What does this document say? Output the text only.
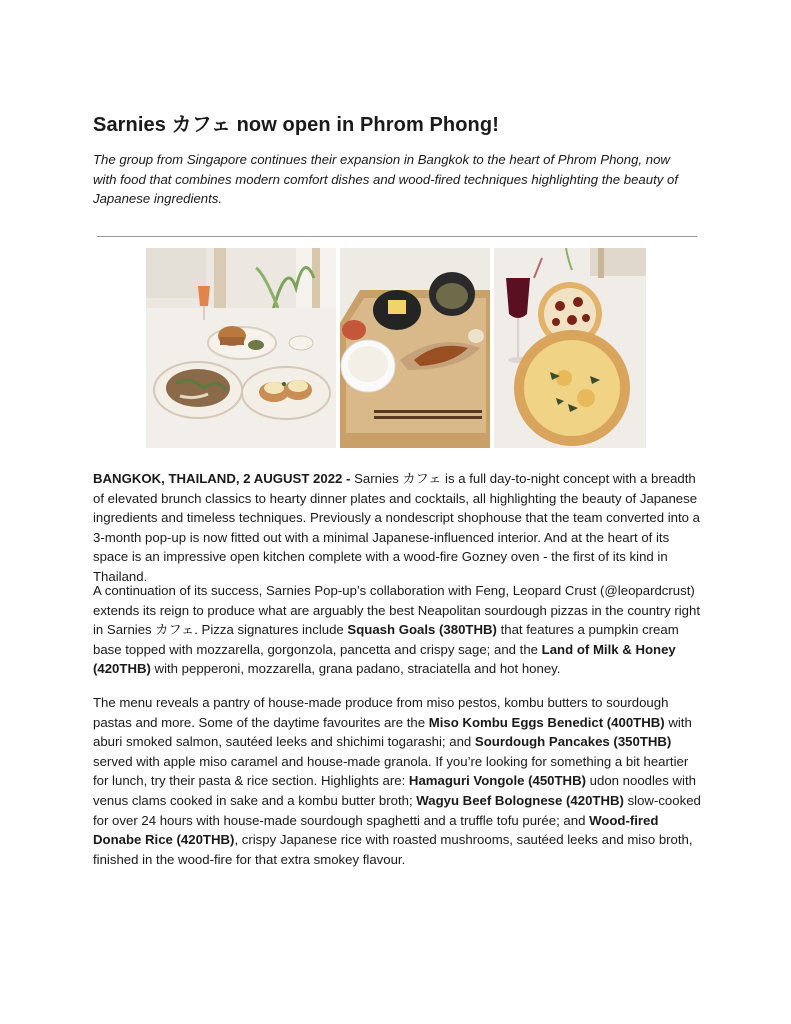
Sarnies カフェ now open in Phrom Phong!

The group from Singapore continues their expansion in Bangkok to the heart of Phrom Phong, now with food that combines modern comfort dishes and wood-fired techniques highlighting the beauty of Japanese ingredients.

BANGKOK, THAILAND, 2 AUGUST 2022 - Sarnies カフェ is a full day-to-night concept with a breadth of elevated brunch classics to hearty dinner plates and cocktails, all highlighting the beauty of Japanese ingredients and timeless techniques. Previously a nondescript shophouse that the team converted into a 3-month pop-up is now fitted out with a minimal Japanese-influenced interior. And at the heart of its space is an impressive open kitchen complete with a wood-fire Gozney oven - the first of its kind in Thailand.

A continuation of its success, Sarnies Pop-up’s collaboration with Feng, Leopard Crust (@leopardcrust) extends its reign to produce what are arguably the best Neapolitan sourdough pizzas in the country right in Sarnies カフェ. Pizza signatures include Squash Goals (380THB) that features a pumpkin cream base topped with mozzarella, gorgonzola, pancetta and crispy sage; and the Land of Milk & Honey (420THB) with pepperoni, mozzarella, grana padano, straciatella and hot honey.

The menu reveals a pantry of house-made produce from miso pestos, kombu butters to sourdough pastas and more. Some of the daytime favourites are the Miso Kombu Eggs Benedict (400THB) with aburi smoked salmon, sautéed leeks and shichimi togarashi; and Sourdough Pancakes (350THB) served with apple miso caramel and house-made granola. If you’re looking for something a bit heartier for lunch, try their pasta & rice section. Highlights are: Hamaguri Vongole (450THB) udon noodles with venus clams cooked in sake and a kombu butter broth; Wagyu Beef Bolognese (420THB) slow-cooked for over 24 hours with house-made sourdough spaghetti and a truffle tofu purée; and Wood-fired Donabe Rice (420THB), crispy Japanese rice with roasted mushrooms, sautéed leeks and miso broth, finished in the wood-fire for that extra smokey flavour.
